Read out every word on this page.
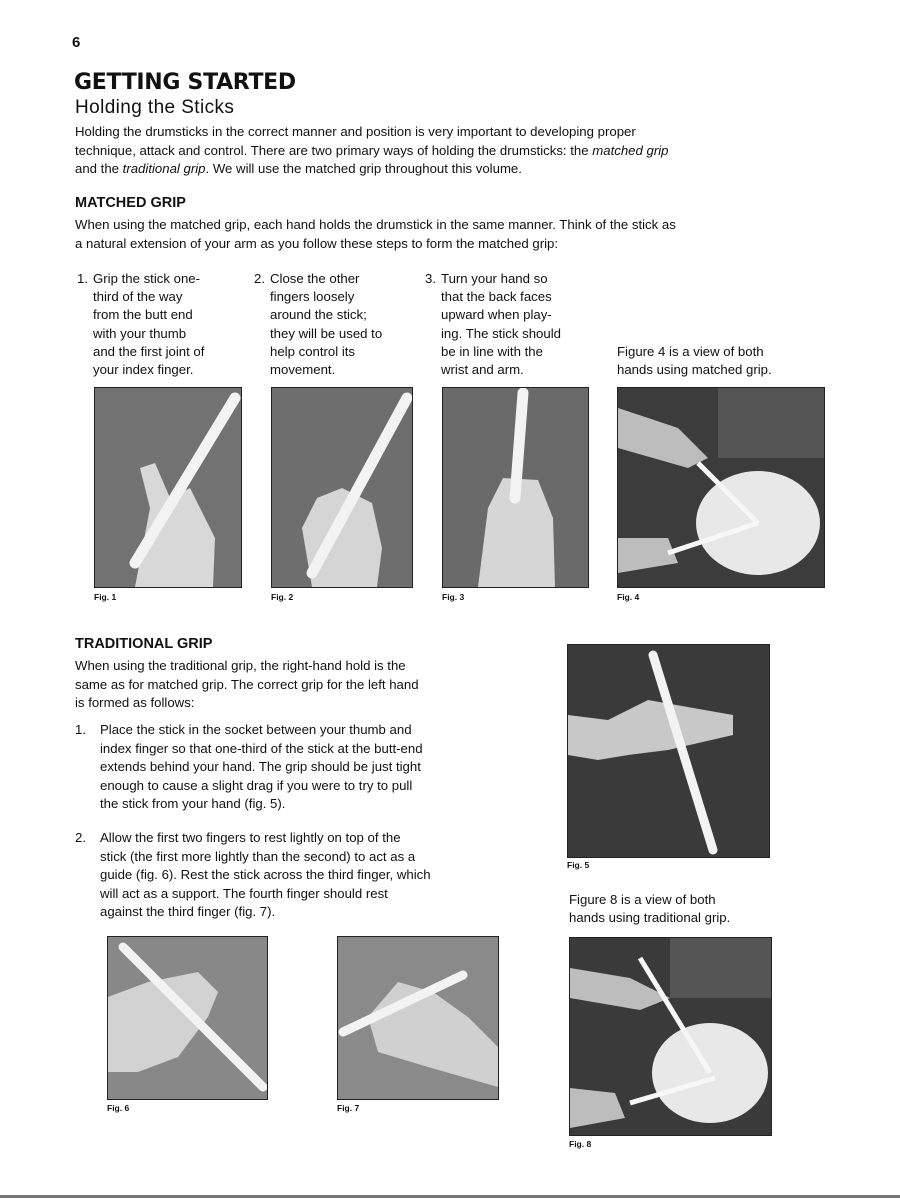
6
GETTING STARTED
Holding the Sticks
Holding the drumsticks in the correct manner and position is very important to developing proper
technique, attack and control. There are two primary ways of holding the drumsticks: the matched grip
and the traditional grip. We will use the matched grip throughout this volume.
MATCHED GRIP
When using the matched grip, each hand holds the drumstick in the same manner. Think of the stick as
a natural extension of your arm as you follow these steps to form the matched grip:
1. Grip the stick one-
third of the way
from the butt end
with your thumb
and the first joint of
your index finger.
2. Close the other
fingers loosely
around the stick;
they will be used to
help control its
movement.
3. Turn your hand so
that the back faces
upward when play-
ing. The stick should
be in line with the
wrist and arm.
Figure 4 is a view of both
hands using matched grip.
Fig. 1	Fig. 2	Fig. 3	Fig. 4
TRADITIONAL GRIP
When using the traditional grip, the right-hand hold is the
same as for matched grip. The correct grip for the left hand
is formed as follows:
1. Place the stick in the socket between your thumb and
index finger so that one-third of the stick at the butt-end
extends behind your hand. The grip should be just tight
enough to cause a slight drag if you were to try to pull
the stick from your hand (fig. 5).
2. Allow the first two fingers to rest lightly on top of the
stick (the first more lightly than the second) to act as a
guide (fig. 6). Rest the stick across the third finger, which
will act as a support. The fourth finger should rest
against the third finger (fig. 7).
Fig. 5
Figure 8 is a view of both
hands using traditional grip.
Fig. 6	Fig. 7
Fig. 8
